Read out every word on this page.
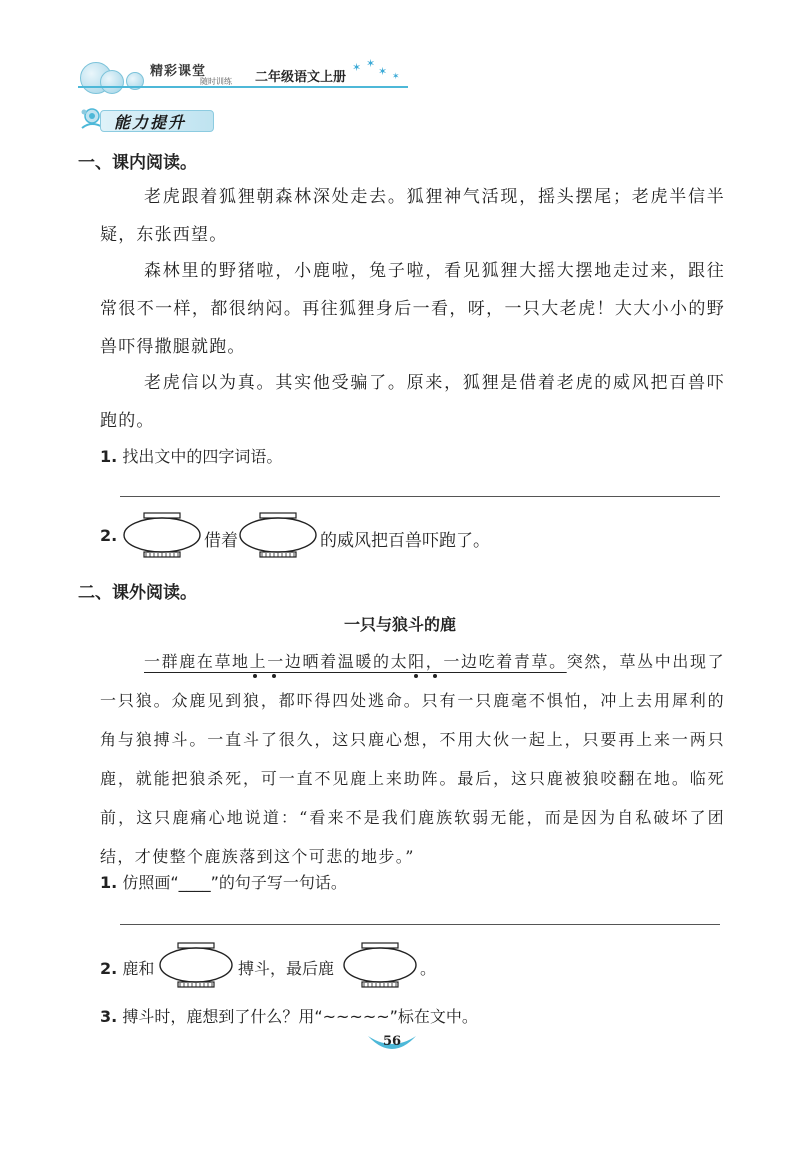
精彩课堂
随时训练 二年级语文上册
✶ ✶
✶ ✶
能力提升
一、课内阅读。

老虎跟着狐狸朝森林深处走去。狐狸神气活现，摇头摆尾；老虎半信半疑，东张西望。

森林里的野猪啦，小鹿啦，兔子啦，看见狐狸大摇大摆地走过来，跟往常很不一样，都很纳闷。再往狐狸身后一看，呀，一只大老虎！大大小小的野兽吓得撒腿就跑。

老虎信以为真。其实他受骗了。原来，狐狸是借着老虎的威风把百兽吓跑的。

1. 找出文中的四字词语。
2.	借着	的威风把百兽吓跑了。
二、课外阅读。
一只与狼斗的鹿

一群鹿在草地上一边晒着温暖的太阳，一边吃着青草。突然，草丛中出现了一只狼。众鹿见到狼，都吓得四处逃命。只有一只鹿毫不惧怕，冲上去用犀利的角与狼搏斗。一直斗了很久，这只鹿心想，不用大伙一起上，只要再上来一两只鹿，就能把狼杀死，可一直不见鹿上来助阵。最后，这只鹿被狼咬翻在地。临死前，这只鹿痛心地说道：“看来不是我们鹿族软弱无能，而是因为自私破坏了团结，才使整个鹿族落到这个可悲的地步。”

1. 仿照画“____”的句子写一句话。
2. 鹿和	搏斗，最后鹿	。
3. 搏斗时，鹿想到了什么？用“~~~~~”标在文中。
56
